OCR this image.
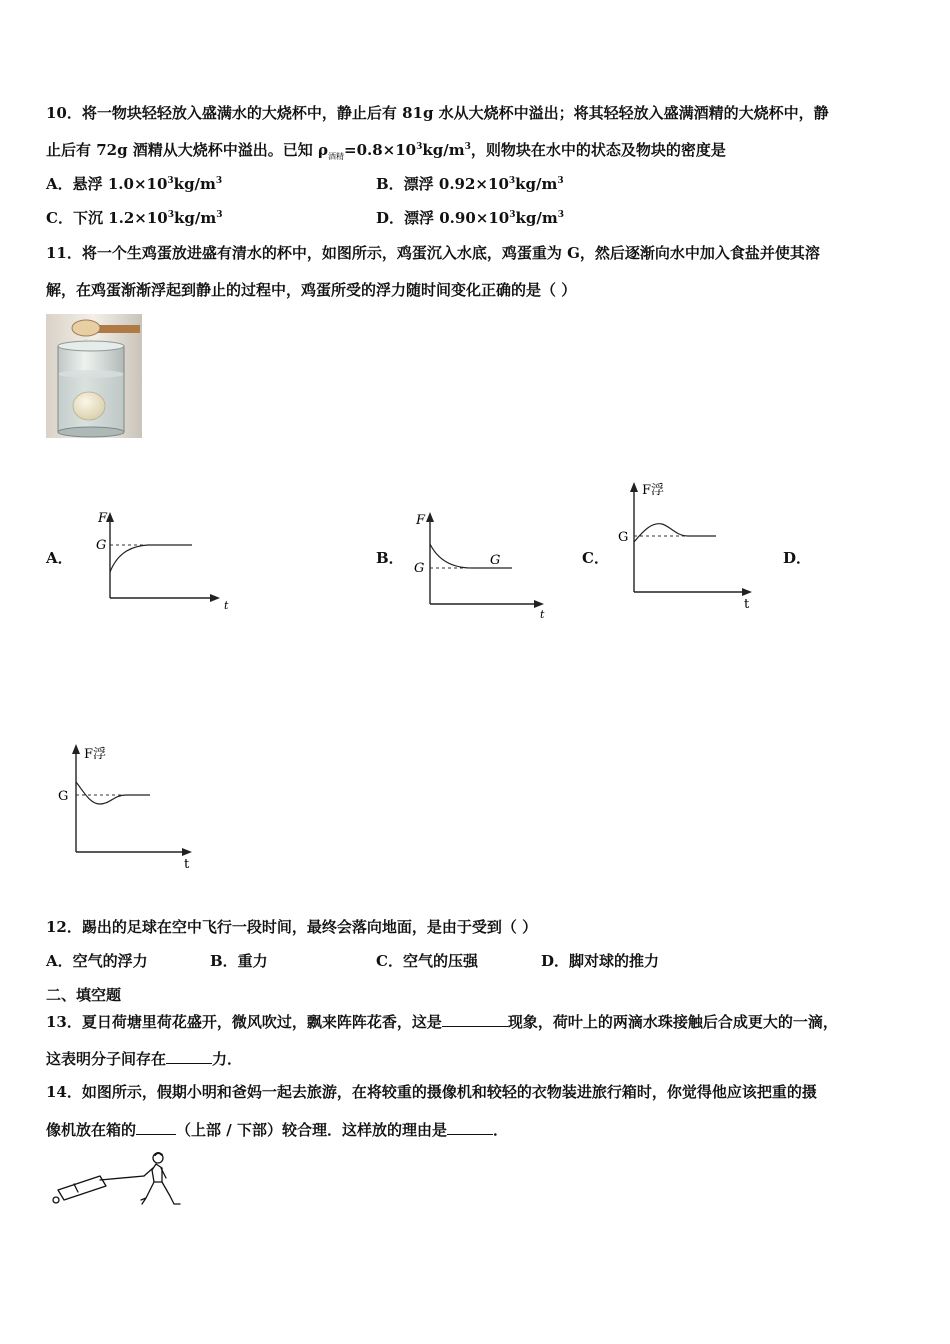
10．将一物块轻轻放入盛满水的大烧杯中，静止后有 81g 水从大烧杯中溢出；将其轻轻放入盛满酒精的大烧杯中，静
止后有 72g 酒精从大烧杯中溢出。已知 $\rho_{酒精}=0.8\times 10^3kg/m^3$，则物块在水中的状态及物块的密度是
A．悬浮 $1.0\times 10^3kg/m^3$	B．漂浮 $0.92\times 10^3kg/m^3$
C．下沉 $1.2\times 10^3kg/m^3$	D．漂浮 $0.90\times 10^3kg/m^3$
11．将一个生鸡蛋放进盛有清水的杯中，如图所示，鸡蛋沉入水底，鸡蛋重为 G，然后逐渐向水中加入食盐并使其溶
解，在鸡蛋渐渐浮起到静止的过程中，鸡蛋所受的浮力随时间变化正确的是（ ）
A．	B．	C．	D．
F
G
t
F
G
G
t
F浮
G
t
F浮
G
t
12．踢出的足球在空中飞行一段时间，最终会落向地面，是由于受到（ ）
A．空气的浮力	B．重力	C．空气的压强	D．脚对球的推力
二、填空题
13．夏日荷塘里荷花盛开，微风吹过，飘来阵阵花香，这是	现象，荷叶上的两滴水珠接触后合成更大的一滴，
这表明分子间存在	力．
14．如图所示，假期小明和爸妈一起去旅游，在将较重的摄像机和较轻的衣物装进旅行箱时，你觉得他应该把重的摄
像机放在箱的	（上部 / 下部）较合理．这样放的理由是	．
